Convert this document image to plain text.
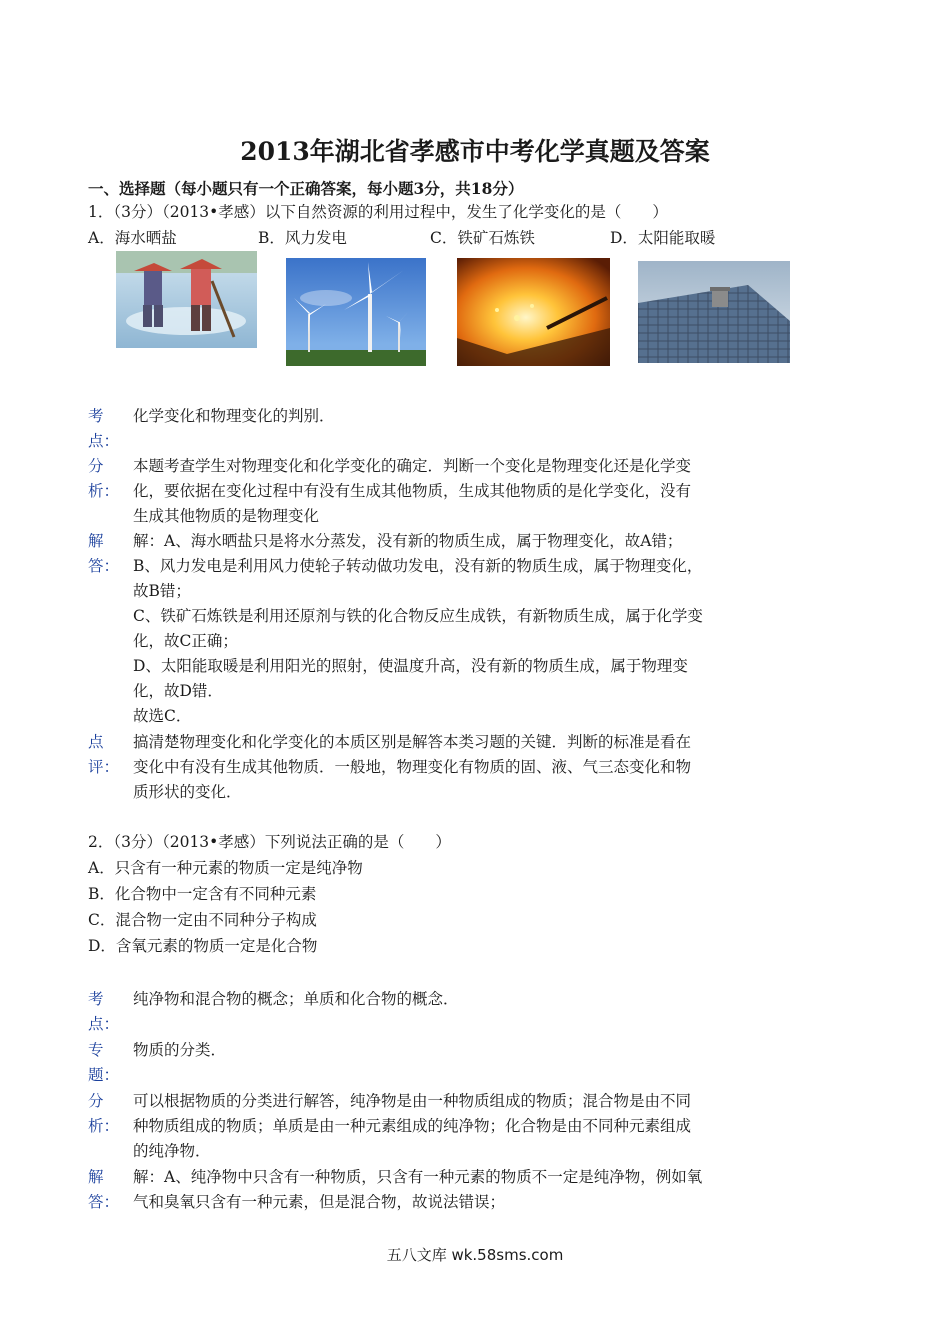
2013年湖北省孝感市中考化学真题及答案
一、选择题（每小题只有一个正确答案，每小题3分，共18分）
1．（3分）（2013•孝感）以下自然资源的利用过程中，发生了化学变化的是（　　）
A．海水晒盐	B．风力发电	C．铁矿石炼铁	D．太阳能取暖
考
点：
化学变化和物理变化的判别．
分
析：
本题考查学生对物理变化和化学变化的确定．判断一个变化是物理变化还是化学变
化，要依据在变化过程中有没有生成其他物质，生成其他物质的是化学变化，没有
生成其他物质的是物理变化
解
答：
解：A、海水晒盐只是将水分蒸发，没有新的物质生成，属于物理变化，故A错；
B、风力发电是利用风力使轮子转动做功发电，没有新的物质生成，属于物理变化，
故B错；
C、铁矿石炼铁是利用还原剂与铁的化合物反应生成铁，有新物质生成，属于化学变
化，故C正确；
D、太阳能取暖是利用阳光的照射，使温度升高，没有新的物质生成，属于物理变
化，故D错．
故选C．
点
评：
搞清楚物理变化和化学变化的本质区别是解答本类习题的关键．判断的标准是看在
变化中有没有生成其他物质．一般地，物理变化有物质的固、液、气三态变化和物
质形状的变化．
2．（3分）（2013•孝感）下列说法正确的是（　　）
A．只含有一种元素的物质一定是纯净物
B．化合物中一定含有不同种元素
C．混合物一定由不同种分子构成
D．含氧元素的物质一定是化合物
考
点：
纯净物和混合物的概念；单质和化合物的概念．
专
题：
物质的分类．
分
析：
可以根据物质的分类进行解答，纯净物是由一种物质组成的物质；混合物是由不同
种物质组成的物质；单质是由一种元素组成的纯净物；化合物是由不同种元素组成
的纯净物．
解
答：
解：A、纯净物中只含有一种物质，只含有一种元素的物质不一定是纯净物，例如氧
气和臭氧只含有一种元素，但是混合物，故说法错误；
五八文库 wk.58sms.com
